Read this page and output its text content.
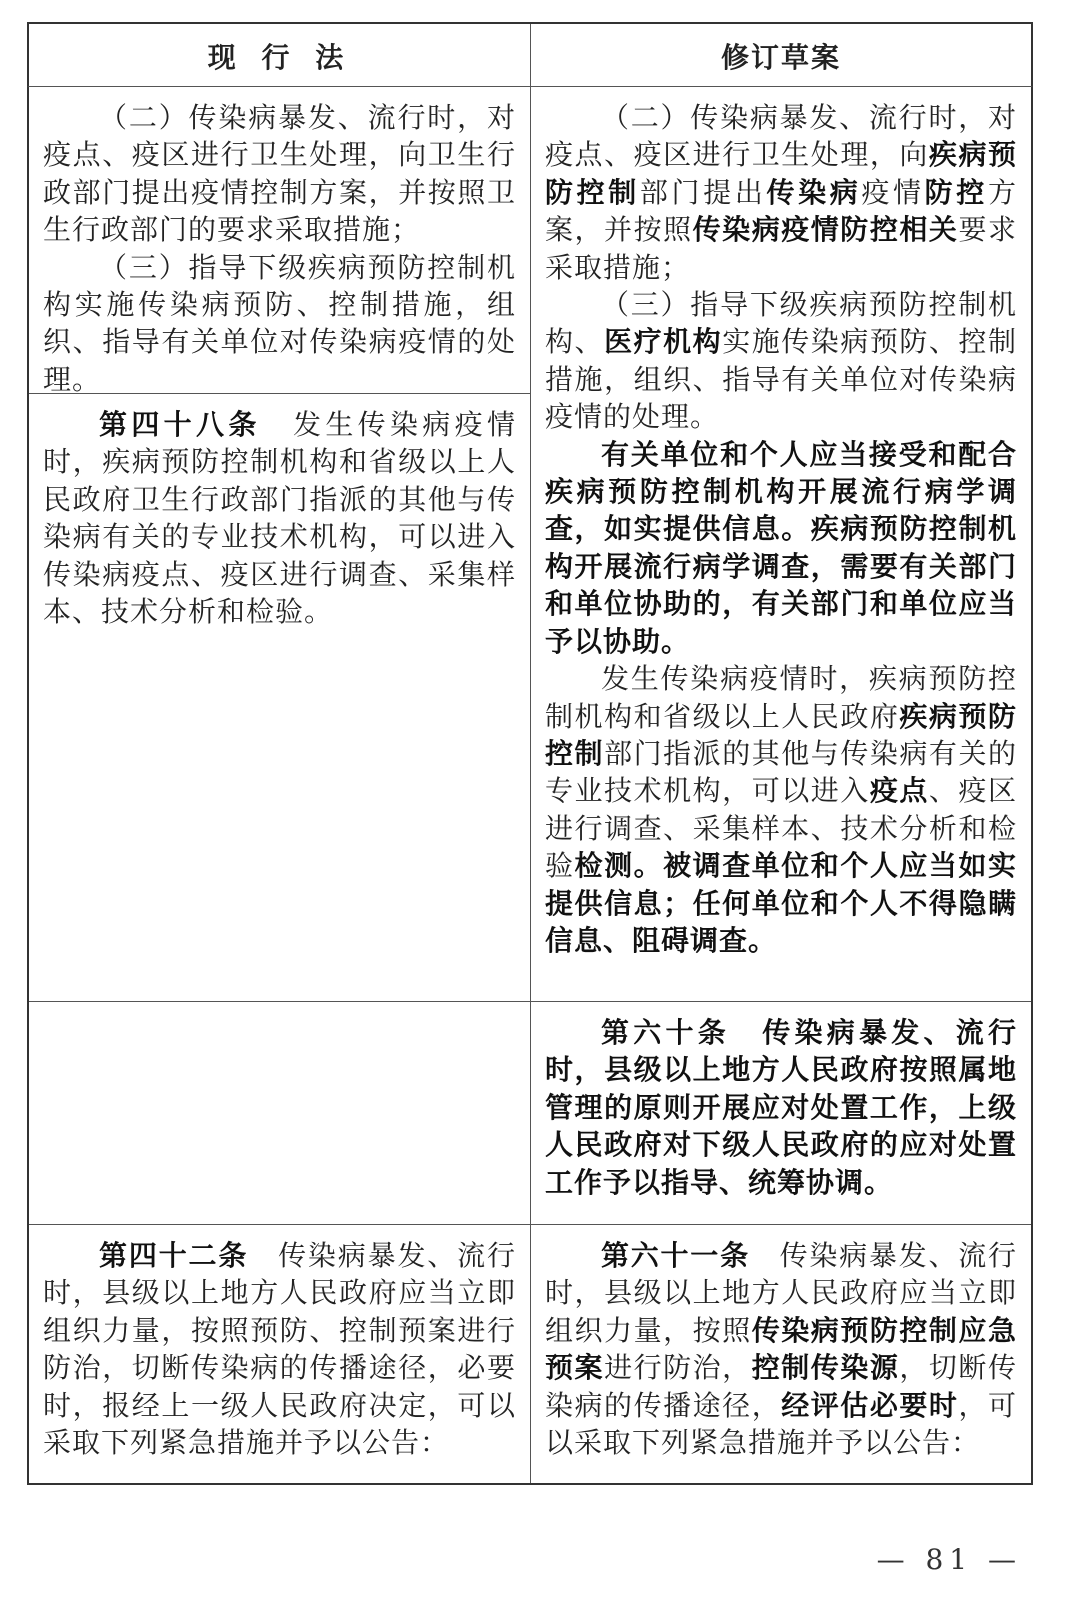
现 行 法	修订草案

（二）传染病暴发、流行时，对疫点、疫区进行卫生处理，向卫生行政部门提出疫情控制方案，并按照卫生行政部门的要求采取措施；

（三）指导下级疾病预防控制机构实施传染病预防、控制措施，组织、指导有关单位对传染病疫情的处理。

第四十八条　发生传染病疫情时，疾病预防控制机构和省级以上人民政府卫生行政部门指派的其他与传染病有关的专业技术机构，可以进入传染病疫点、疫区进行调查、采集样本、技术分析和检验。

（二）传染病暴发、流行时，对疫点、疫区进行卫生处理，向疾病预防控制部门提出传染病疫情防控方案，并按照传染病疫情防控相关要求采取措施；

（三）指导下级疾病预防控制机构、医疗机构实施传染病预防、控制措施，组织、指导有关单位对传染病疫情的处理。

有关单位和个人应当接受和配合疾病预防控制机构开展流行病学调查，如实提供信息。疾病预防控制机构开展流行病学调查，需要有关部门和单位协助的，有关部门和单位应当予以协助。

发生传染病疫情时，疾病预防控制机构和省级以上人民政府疾病预防控制部门指派的其他与传染病有关的专业技术机构，可以进入疫点、疫区进行调查、采集样本、技术分析和检验检测。被调查单位和个人应当如实提供信息；任何单位和个人不得隐瞒信息、阻碍调查。

第六十条　 传染病暴发、流行时，县级以上地方人民政府按照属地管理的原则开展应对处置工作，上级人民政府对下级人民政府的应对处置工作予以指导、统筹协调。

第四十二条　传染病暴发、流行时，县级以上地方人民政府应当立即组织力量，按照预防、控制预案进行防治，切断传染病的传播途径，必要时，报经上一级人民政府决定，可以采取下列紧急措施并予以公告：

第六十一条　传染病暴发、流行时，县级以上地方人民政府应当立即组织力量，按照传染病预防控制应急预案进行防治，控制传染源，切断传染病的传播途径，经评估必要时，可以采取下列紧急措施并予以公告：

— 81 —
